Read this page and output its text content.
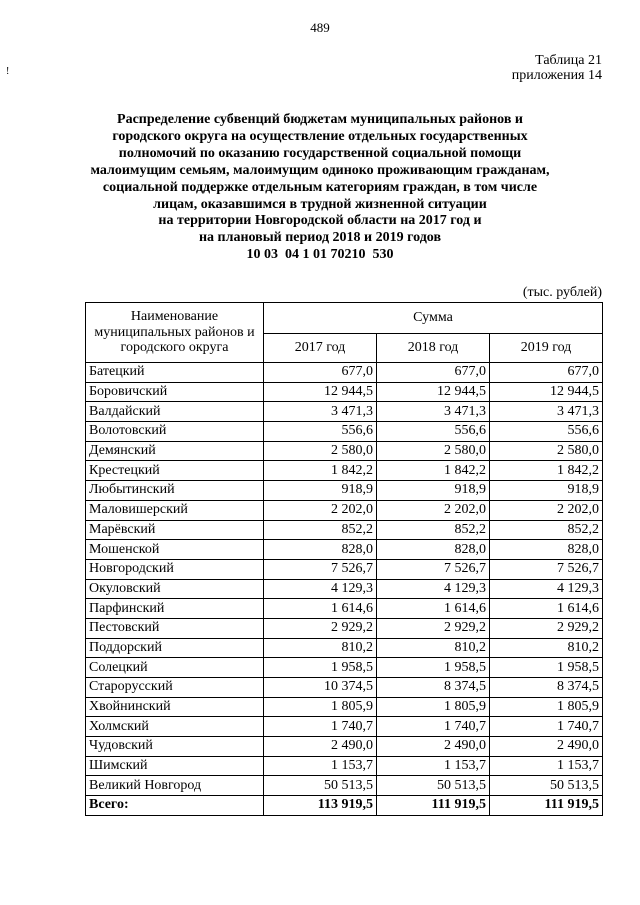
489
!
Таблица 21
приложения 14
Распределение субвенций бюджетам муниципальных районов и
городского округа на осуществление отдельных государственных
полномочий по оказанию государственной социальной помощи
малоимущим семьям, малоимущим одиноко проживающим гражданам,
социальной поддержке отдельным категориям граждан, в том числе
лицам, оказавшимся в трудной жизненной ситуации
на территории Новгородской области на 2017 год и
на плановый период 2018 и 2019 годов
10 03  04 1 01 70210  530
(тыс. рублей)
Наименование муниципальных районов и городского округа	Сумма		
	2017 год	2018 год	2019 год
Батецкий	677,0	677,0	677,0
Боровичский	12 944,5	12 944,5	12 944,5
Валдайский	3 471,3	3 471,3	3 471,3
Волотовский	556,6	556,6	556,6
Демянский	2 580,0	2 580,0	2 580,0
Крестецкий	1 842,2	1 842,2	1 842,2
Любытинский	918,9	918,9	918,9
Маловишерский	2 202,0	2 202,0	2 202,0
Марёвский	852,2	852,2	852,2
Мошенской	828,0	828,0	828,0
Новгородский	7 526,7	7 526,7	7 526,7
Окуловский	4 129,3	4 129,3	4 129,3
Парфинский	1 614,6	1 614,6	1 614,6
Пестовский	2 929,2	2 929,2	2 929,2
Поддорский	810,2	810,2	810,2
Солецкий	1 958,5	1 958,5	1 958,5
Старорусский	10 374,5	8 374,5	8 374,5
Хвойнинский	1 805,9	1 805,9	1 805,9
Холмский	1 740,7	1 740,7	1 740,7
Чудовский	2 490,0	2 490,0	2 490,0
Шимский	1 153,7	1 153,7	1 153,7
Великий Новгород	50 513,5	50 513,5	50 513,5
Всего:	113 919,5	111 919,5	111 919,5
